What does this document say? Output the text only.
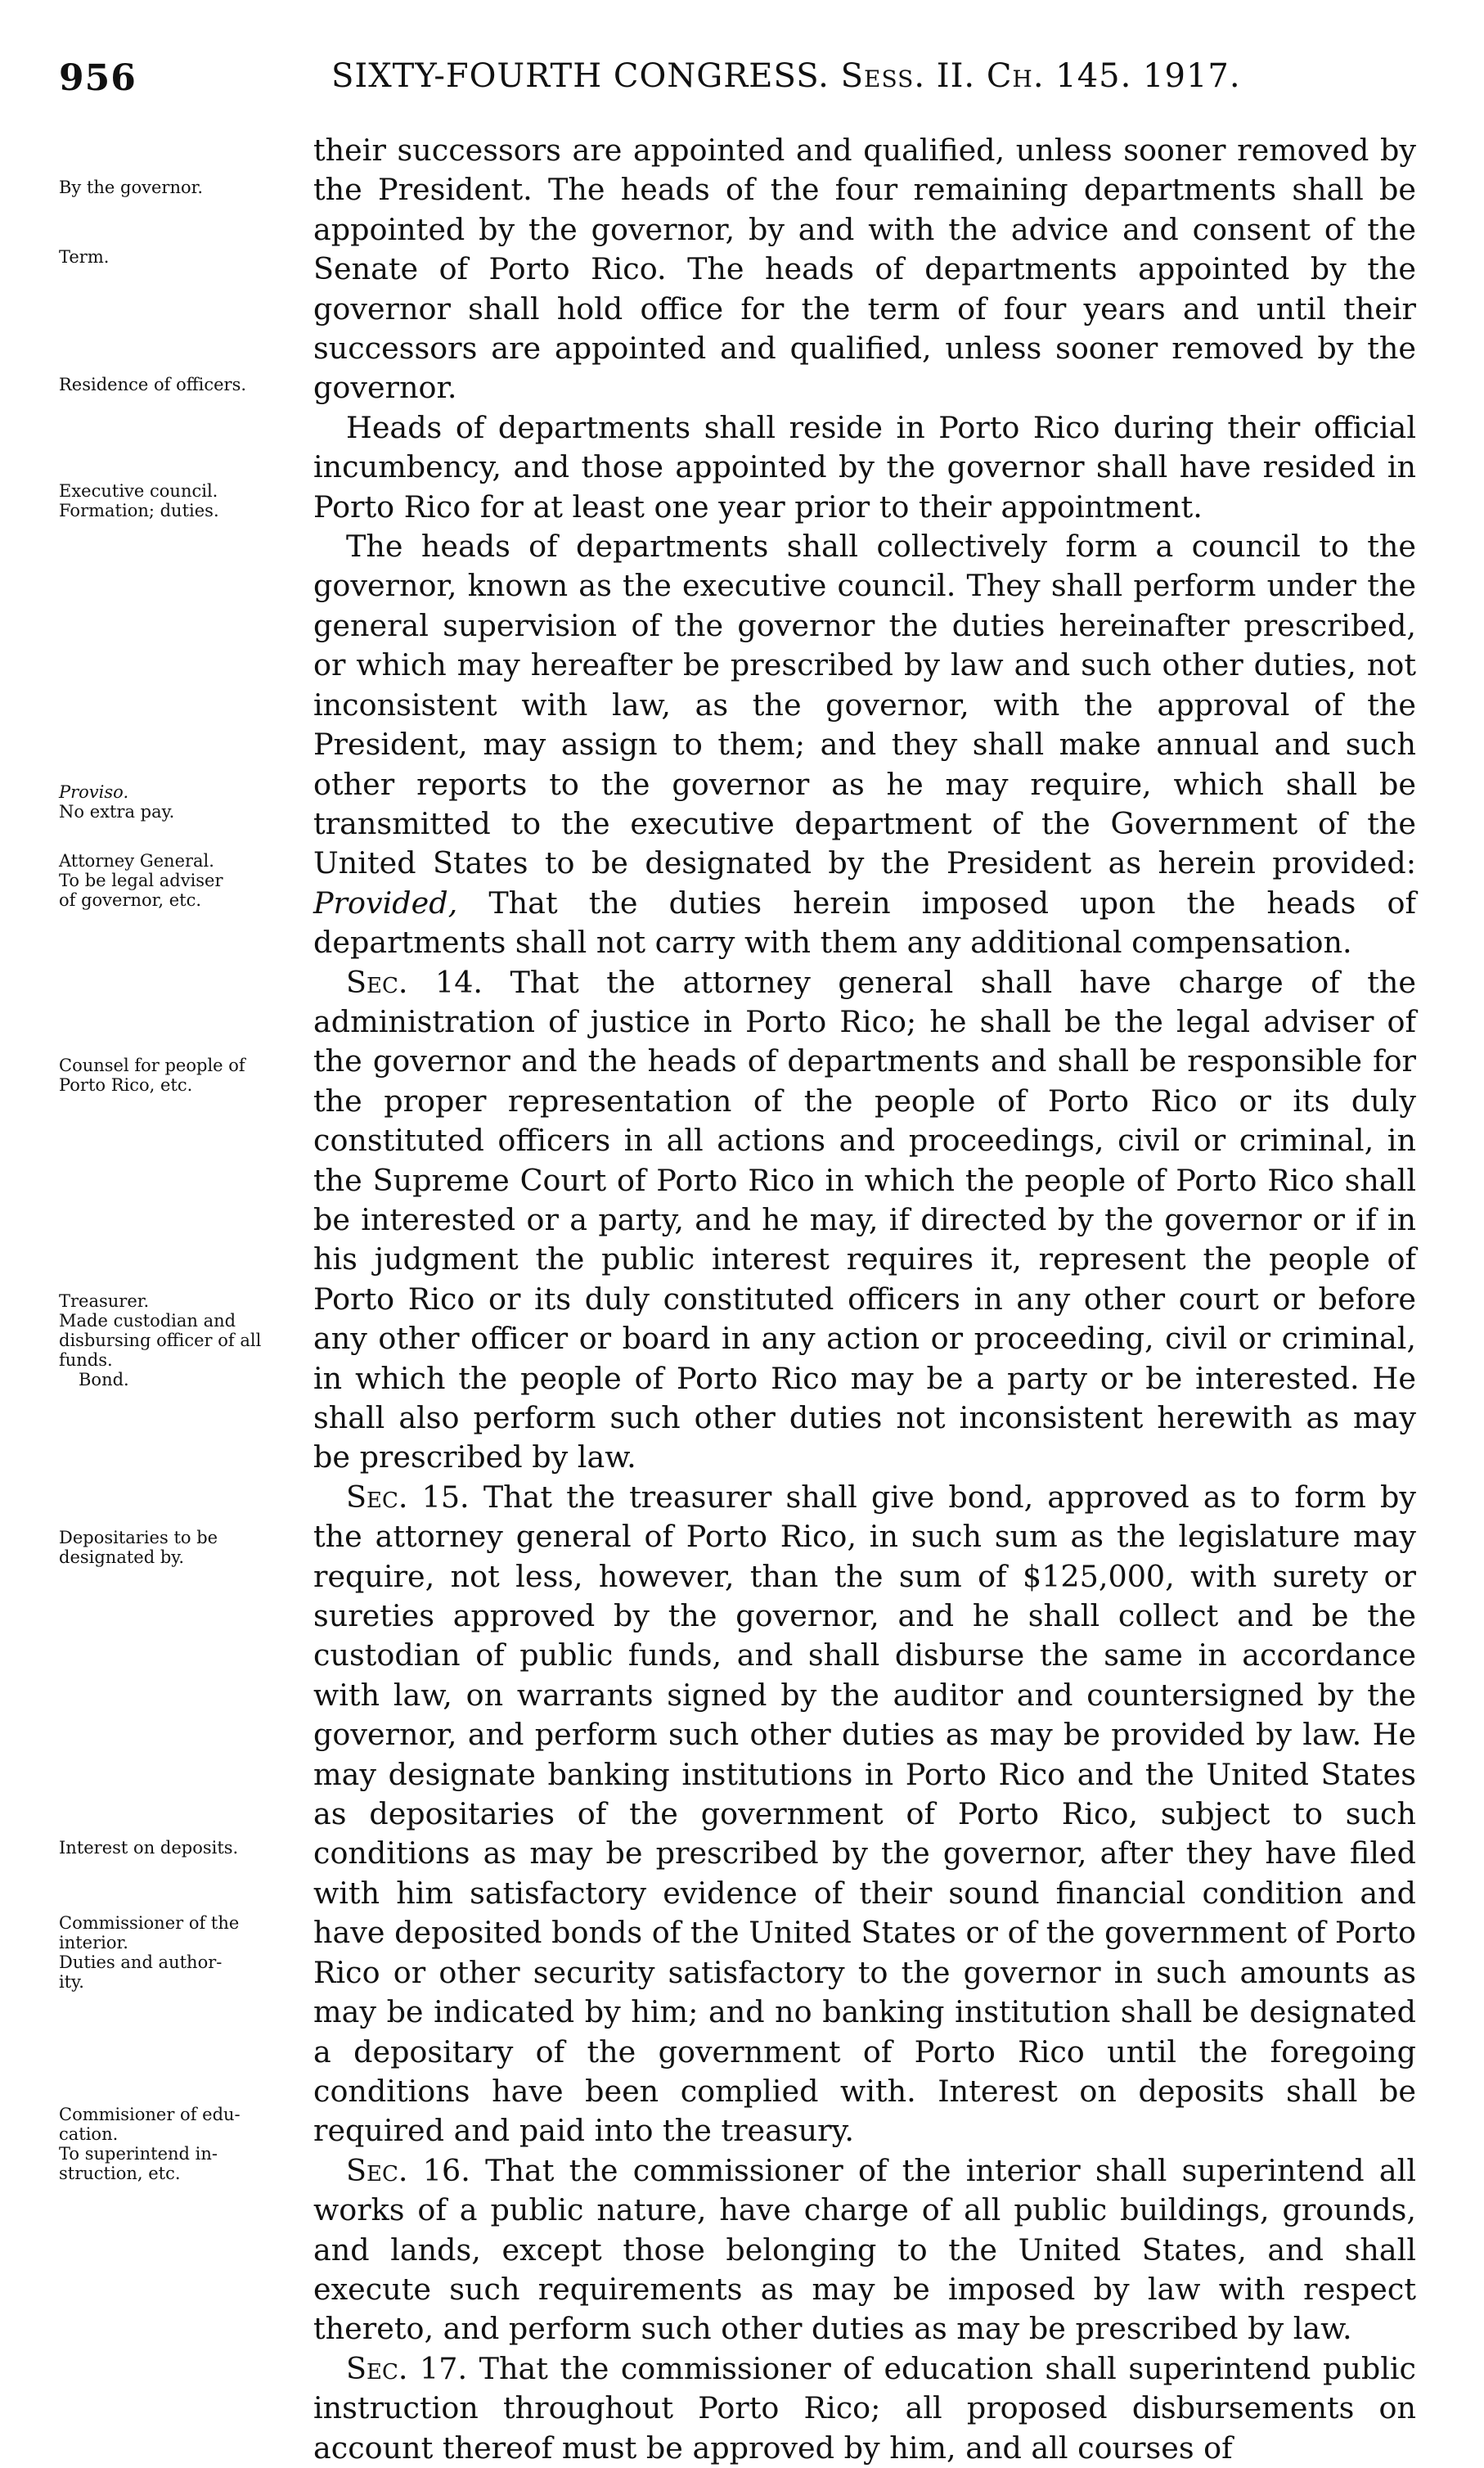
956	SIXTY-FOURTH CONGRESS. Sess. II. Ch. 145. 1917.
By the governor.
Term.
Residence of officers.
Executive council.
Formation; duties.
Proviso.
No extra pay.
Attorney General.
To be legal adviser
of governor, etc.
Counsel for people of
Porto Rico, etc.
Treasurer.
Made custodian and
disbursing officer of all
funds.
Bond.
Depositaries to be
designated by.
Interest on deposits.
Commissioner of the
interior.
Duties and author-
ity.
Commisioner of edu-
cation.
To superintend in-
struction, etc.

their successors are appointed and qualified, unless sooner removed by the President. The heads of the four remaining departments shall be appointed by the governor, by and with the advice and consent of the Senate of Porto Rico. The heads of departments appointed by the governor shall hold office for the term of four years and until their successors are appointed and qualified, unless sooner removed by the governor.

Heads of departments shall reside in Porto Rico during their official incumbency, and those appointed by the governor shall have resided in Porto Rico for at least one year prior to their appointment.

The heads of departments shall collectively form a council to the governor, known as the executive council. They shall perform under the general supervision of the governor the duties hereinafter prescribed, or which may hereafter be prescribed by law and such other duties, not inconsistent with law, as the governor, with the approval of the President, may assign to them; and they shall make annual and such other reports to the governor as he may require, which shall be transmitted to the executive department of the Government of the United States to be designated by the President as herein provided: Provided, That the duties herein imposed upon the heads of departments shall not carry with them any additional compensation.

Sec. 14. That the attorney general shall have charge of the administration of justice in Porto Rico; he shall be the legal adviser of the governor and the heads of departments and shall be responsible for the proper representation of the people of Porto Rico or its duly constituted officers in all actions and proceedings, civil or criminal, in the Supreme Court of Porto Rico in which the people of Porto Rico shall be interested or a party, and he may, if directed by the governor or if in his judgment the public interest requires it, represent the people of Porto Rico or its duly constituted officers in any other court or before any other officer or board in any action or proceeding, civil or criminal, in which the people of Porto Rico may be a party or be interested. He shall also perform such other duties not inconsistent herewith as may be prescribed by law.

Sec. 15. That the treasurer shall give bond, approved as to form by the attorney general of Porto Rico, in such sum as the legislature may require, not less, however, than the sum of $125,000, with surety or sureties approved by the governor, and he shall collect and be the custodian of public funds, and shall disburse the same in accordance with law, on warrants signed by the auditor and countersigned by the governor, and perform such other duties as may be provided by law. He may designate banking institutions in Porto Rico and the United States as depositaries of the government of Porto Rico, subject to such conditions as may be prescribed by the governor, after they have filed with him satisfactory evidence of their sound financial condition and have deposited bonds of the United States or of the government of Porto Rico or other security satisfactory to the governor in such amounts as may be indicated by him; and no banking institution shall be designated a depositary of the government of Porto Rico until the foregoing conditions have been complied with. Interest on deposits shall be required and paid into the treasury.

Sec. 16. That the commissioner of the interior shall superintend all works of a public nature, have charge of all public buildings, grounds, and lands, except those belonging to the United States, and shall execute such requirements as may be imposed by law with respect thereto, and perform such other duties as may be prescribed by law.

Sec. 17. That the commissioner of education shall superintend public instruction throughout Porto Rico; all proposed disbursements on account thereof must be approved by him, and all courses of
